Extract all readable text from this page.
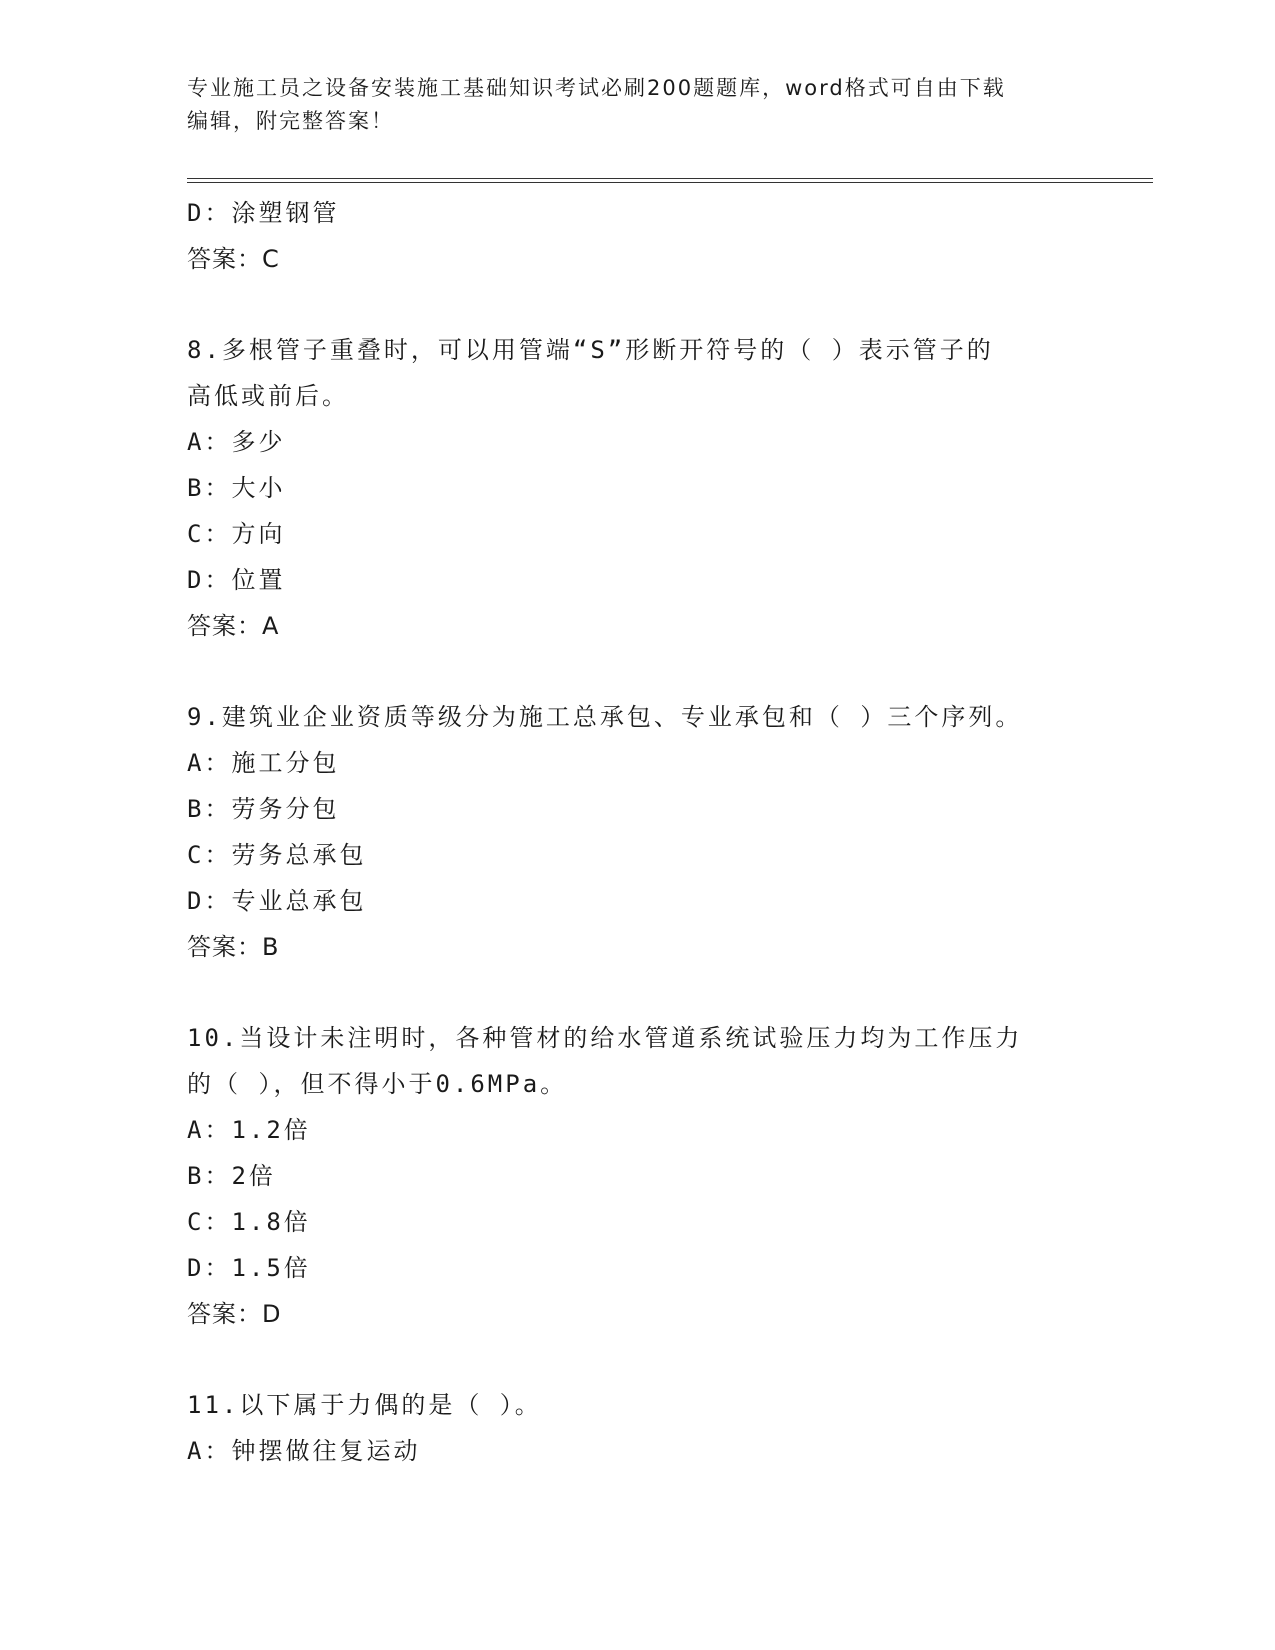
专业施工员之设备安装施工基础知识考试必刷200题题库，word格式可自由下载
编辑，附完整答案！
D：涂塑钢管
答案：C
8.多根管子重叠时，可以用管端“S”形断开符号的（ ）表示管子的
高低或前后。
A：多少
B：大小
C：方向
D：位置
答案：A
9.建筑业企业资质等级分为施工总承包、专业承包和（ ）三个序列。
A：施工分包
B：劳务分包
C：劳务总承包
D：专业总承包
答案：B
10.当设计未注明时，各种管材的给水管道系统试验压力均为工作压力
的（ ），但不得小于0.6MPa。
A：1.2倍
B：2倍
C：1.8倍
D：1.5倍
答案：D
11.以下属于力偶的是（ ）。
A：钟摆做往复运动
